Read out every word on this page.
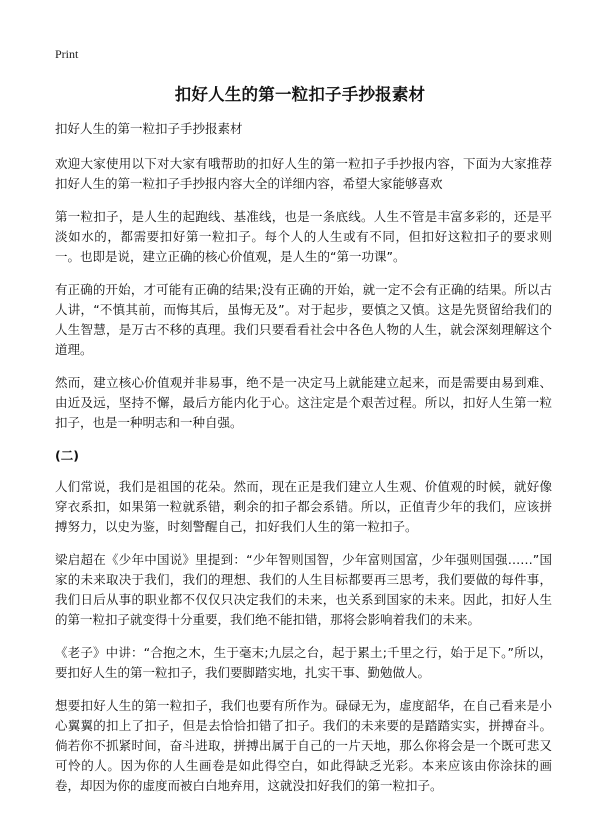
Print
扣好人生的第一粒扣子手抄报素材
扣好人生的第一粒扣子手抄报素材

欢迎大家使用以下对大家有哦帮助的扣好人生的第一粒扣子手抄报内容，下面为大家推荐扣好人生的第一粒扣子手抄报内容大全的详细内容，希望大家能够喜欢

第一粒扣子，是人生的起跑线、基准线，也是一条底线。人生不管是丰富多彩的，还是平淡如水的，都需要扣好第一粒扣子。每个人的人生或有不同，但扣好这粒扣子的要求则一。也即是说，建立正确的核心价值观，是人生的“第一功课”。

有正确的开始，才可能有正确的结果;没有正确的开始，就一定不会有正确的结果。所以古人讲，“不慎其前，而悔其后，虽悔无及”。对于起步，要慎之又慎。这是先贤留给我们的人生智慧，是万古不移的真理。我们只要看看社会中各色人物的人生，就会深刻理解这个道理。

然而，建立核心价值观并非易事，绝不是一决定马上就能建立起来，而是需要由易到难、由近及远，坚持不懈，最后方能内化于心。这注定是个艰苦过程。所以，扣好人生第一粒扣子，也是一种明志和一种自强。

(二)

人们常说，我们是祖国的花朵。然而，现在正是我们建立人生观、价值观的时候，就好像穿衣系扣，如果第一粒就系错，剩余的扣子都会系错。所以，正值青少年的我们，应该拼搏努力，以史为鉴，时刻警醒自己，扣好我们人生的第一粒扣子。

梁启超在《少年中国说》里提到：“少年智则国智，少年富则国富，少年强则国强……”国家的未来取决于我们，我们的理想、我们的人生目标都要再三思考，我们要做的每件事，我们日后从事的职业都不仅仅只决定我们的未来，也关系到国家的未来。因此，扣好人生的第一粒扣子就变得十分重要，我们绝不能扣错，那将会影响着我们的未来。

《老子》中讲：“合抱之木，生于毫末;九层之台，起于累土;千里之行，始于足下。”所以，要扣好人生的第一粒扣子，我们要脚踏实地，扎实干事、勤勉做人。

想要扣好人生的第一粒扣子，我们也要有所作为。碌碌无为，虚度韶华，在自己看来是小心翼翼的扣上了扣子，但是去恰恰扣错了扣子。我们的未来要的是踏踏实实，拼搏奋斗。倘若你不抓紧时间，奋斗进取，拼搏出属于自己的一片天地，那么你将会是一个既可悲又可怜的人。因为你的人生画卷是如此得空白，如此得缺乏光彩。本来应该由你涂抹的画卷，却因为你的虚度而被白白地弃用，这就没扣好我们的第一粒扣子。
